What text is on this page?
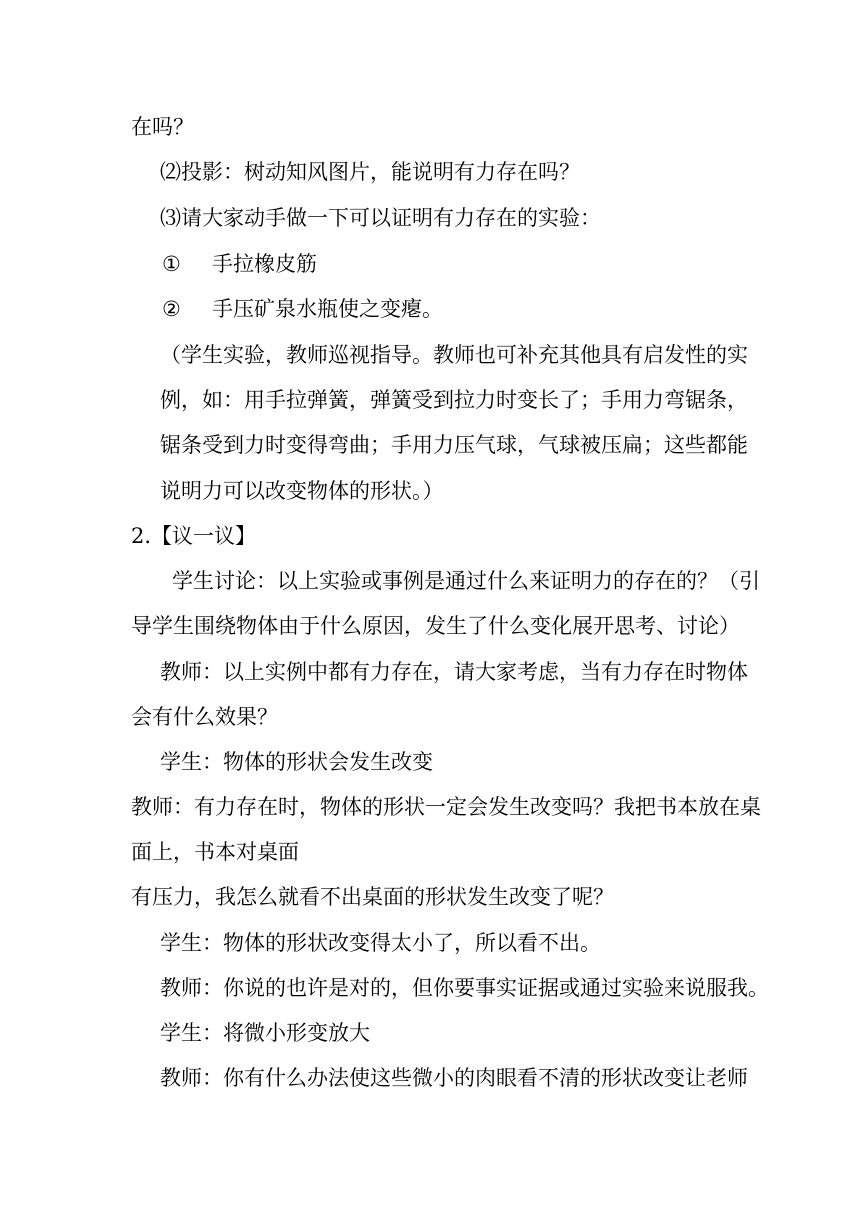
在吗？
⑵投影：树动知风图片，能说明有力存在吗？
⑶请大家动手做一下可以证明有力存在的实验：
① 手拉橡皮筋
② 手压矿泉水瓶使之变瘪。
（学生实验，教师巡视指导。教师也可补充其他具有启发性的实
例，如：用手拉弹簧，弹簧受到拉力时变长了；手用力弯锯条，
锯条受到力时变得弯曲；手用力压气球，气球被压扁；这些都能
说明力可以改变物体的形状。）
2.【议一议】
学生讨论：以上实验或事例是通过什么来证明力的存在的？（引
导学生围绕物体由于什么原因，发生了什么变化展开思考、讨论）
教师：以上实例中都有力存在，请大家考虑，当有力存在时物体
会有什么效果？
学生：物体的形状会发生改变
教师：有力存在时，物体的形状一定会发生改变吗？我把书本放在桌
面上，书本对桌面
有压力，我怎么就看不出桌面的形状发生改变了呢？
学生：物体的形状改变得太小了，所以看不出。
教师：你说的也许是对的，但你要事实证据或通过实验来说服我。
学生：将微小形变放大
教师：你有什么办法使这些微小的肉眼看不清的形状改变让老师
